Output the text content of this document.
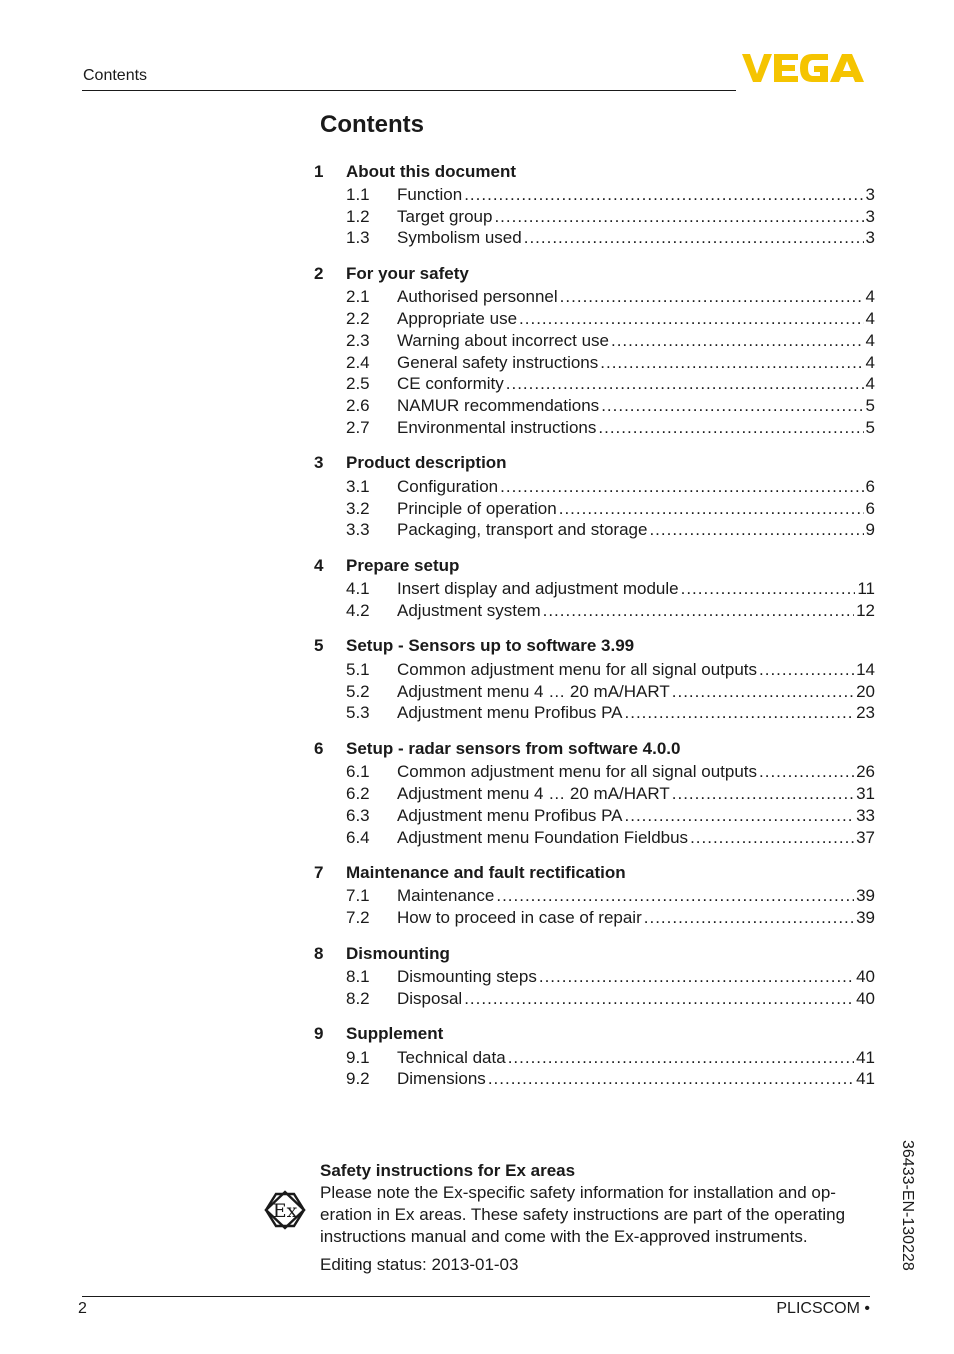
Contents
Contents
1	About this document
1.1	Function .....	3
1.2	Target group .....	3
1.3	Symbolism used .....	3
2	For your safety
2.1	Authorised personnel .....	4
2.2	Appropriate use .....	4
2.3	Warning about incorrect use .....	4
2.4	General safety instructions .....	4
2.5	CE conformity .....	4
2.6	NAMUR recommendations .....	5
2.7	Environmental instructions .....	5
3	Product description
3.1	Configuration .....	6
3.2	Principle of operation .....	6
3.3	Packaging, transport and storage .....	9
4	Prepare setup
4.1	Insert display and adjustment module .....	11
4.2	Adjustment system .....	12
5	Setup - Sensors up to software 3.99
5.1	Common adjustment menu for all signal outputs .....	14
5.2	Adjustment menu 4 … 20 mA/HART .....	20
5.3	Adjustment menu Profibus PA .....	23
6	Setup - radar sensors from software 4.0.0
6.1	Common adjustment menu for all signal outputs .....	26
6.2	Adjustment menu 4 … 20 mA/HART .....	31
6.3	Adjustment menu Profibus PA .....	33
6.4	Adjustment menu Foundation Fieldbus .....	37
7	Maintenance and fault rectification
7.1	Maintenance .....	39
7.2	How to proceed in case of repair .....	39
8	Dismounting
8.1	Dismounting steps .....	40
8.2	Disposal .....	40
9	Supplement
9.1	Technical data .....	41
9.2	Dimensions .....	41
Ex
Safety instructions for Ex areas
Please note the Ex-specific safety information for installation and op-eration in Ex areas. These safety instructions are part of the operating instructions manual and come with the Ex-approved instruments.
Editing status: 2013-01-03	36433-EN-130228
2	PLICSCOM •
